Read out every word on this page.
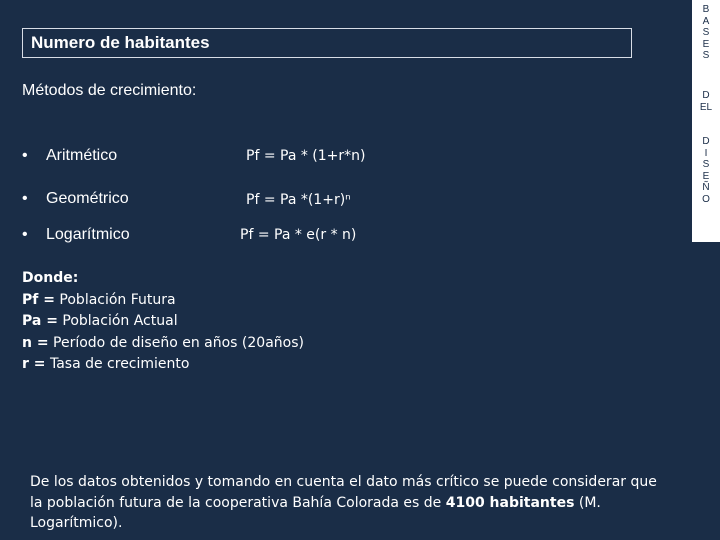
Numero de habitantes
B
A
S
E
S
D
EL
D
I
S
E
Ñ
O
Métodos de crecimiento:
• Aritmético	Pf = Pa * (1+r*n)
• Geométrico	Pf = Pa *(1+r)ⁿ
• Logarítmico	Pf = Pa * e(r * n)
Donde:
Pf = Población Futura
Pa = Población Actual
n = Período de diseño en años (20años)
r = Tasa de crecimiento
De los datos obtenidos y tomando en cuenta el dato más crítico se puede considerar que la población futura de la cooperativa Bahía Colorada es de 4100 habitantes (M. Logarítmico).
